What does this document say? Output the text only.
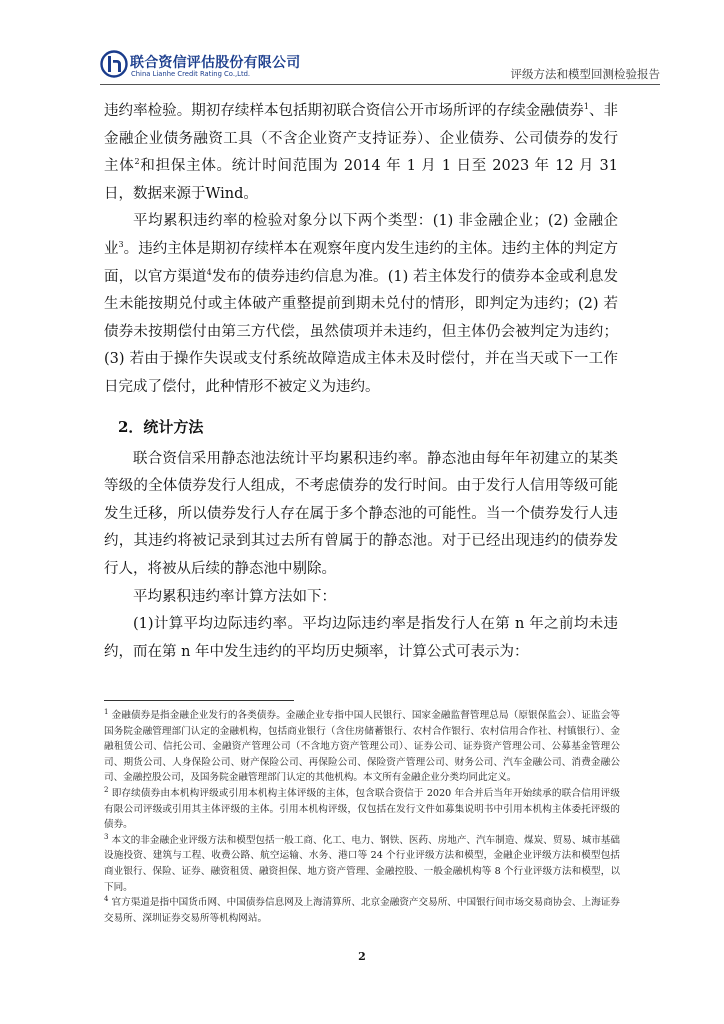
联合资信评估股份有限公司
China Lianhe Credit Rating Co.,Ltd.	评级方法和模型回测检验报告

违约率检验。期初存续样本包括期初联合资信公开市场所评的存续金融债券$^1$、非金融企业债务融资工具（不含企业资产支持证券）、企业债券、公司债券的发行主体$^2$和担保主体。统计时间范围为 2014 年 1 月 1 日至 2023 年 12 月 31 日，数据来源于Wind。

平均累积违约率的检验对象分以下两个类型：(1) 非金融企业；(2) 金融企业$^3$。违约主体是期初存续样本在观察年度内发生违约的主体。违约主体的判定方面，以官方渠道$^4$发布的债券违约信息为准。(1) 若主体发行的债券本金或利息发生未能按期兑付或主体破产重整提前到期未兑付的情形，即判定为违约；(2) 若债券未按期偿付由第三方代偿，虽然债项并未违约，但主体仍会被判定为违约；(3) 若由于操作失误或支付系统故障造成主体未及时偿付，并在当天或下一工作日完成了偿付，此种情形不被定义为违约。

2．统计方法

联合资信采用静态池法统计平均累积违约率。静态池由每年年初建立的某类等级的全体债券发行人组成，不考虑债券的发行时间。由于发行人信用等级可能发生迁移，所以债券发行人存在属于多个静态池的可能性。当一个债券发行人违约，其违约将被记录到其过去所有曾属于的静态池。对于已经出现违约的债券发行人，将被从后续的静态池中剔除。

平均累积违约率计算方法如下：

(1)计算平均边际违约率。平均边际违约率是指发行人在第 n 年之前均未违约，而在第 n 年中发生违约的平均历史频率，计算公式可表示为：

$^1$ 金融债券是指金融企业发行的各类债券。金融企业专指中国人民银行、国家金融监督管理总局（原银保监会）、证监会等国务院金融管理部门认定的金融机构，包括商业银行（含住房储蓄银行、农村合作银行、农村信用合作社、村镇银行）、金融租赁公司、信托公司、金融资产管理公司（不含地方资产管理公司）、证券公司、证券资产管理公司、公募基金管理公司、期货公司、人身保险公司、财产保险公司、再保险公司、保险资产管理公司、财务公司、汽车金融公司、消费金融公司、金融控股公司，及国务院金融管理部门认定的其他机构。本文所有金融企业分类均同此定义。

$^2$ 即存续债券由本机构评级或引用本机构主体评级的主体，包含联合资信于 2020 年合并后当年开始续承的联合信用评级有限公司评级或引用其主体评级的主体。引用本机构评级，仅包括在发行文件如募集说明书中引用本机构主体委托评级的债券。

$^3$ 本文的非金融企业评级方法和模型包括一般工商、化工、电力、钢铁、医药、房地产、汽车制造、煤炭、贸易、城市基础设施投资、建筑与工程、收费公路、航空运输、水务、港口等 24 个行业评级方法和模型，金融企业评级方法和模型包括商业银行、保险、证券、融资租赁、融资担保、地方资产管理、金融控股、一般金融机构等 8 个行业评级方法和模型，以下同。

$^4$ 官方渠道是指中国货币网、中国债券信息网及上海清算所、北京金融资产交易所、中国银行间市场交易商协会、上海证券交易所、深圳证券交易所等机构网站。

2
